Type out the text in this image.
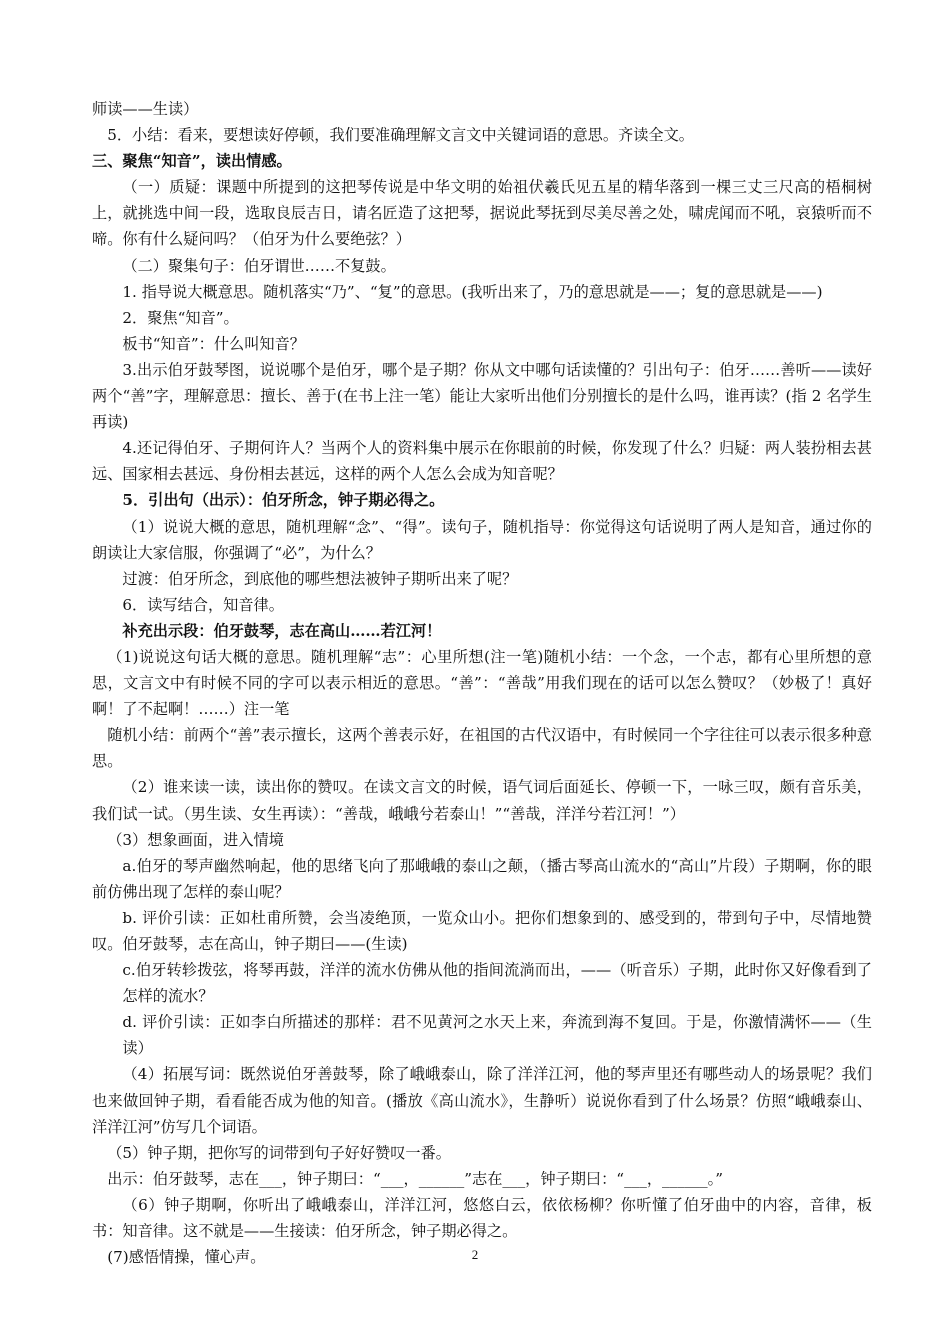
师读——生读）
5．小结：看来，要想读好停顿，我们要准确理解文言文中关键词语的意思。齐读全文。
三、聚焦“知音”，读出情感。
（一）质疑：课题中所提到的这把琴传说是中华文明的始祖伏羲氏见五星的精华落到一棵三丈三尺高的梧桐树上，就挑选中间一段，选取良辰吉日，请名匠造了这把琴，据说此琴抚到尽美尽善之处，啸虎闻而不吼，哀猿听而不啼。你有什么疑问吗？（伯牙为什么要绝弦？）
（二）聚集句子：伯牙谓世……不复鼓。
1. 指导说大概意思。随机落实“乃”、“复”的意思。(我听出来了，乃的意思就是——；复的意思就是——)
2．聚焦“知音”。
板书“知音”：什么叫知音？
3.出示伯牙鼓琴图，说说哪个是伯牙，哪个是子期？你从文中哪句话读懂的？引出句子：伯牙……善听——读好两个“善”字，理解意思：擅长、善于(在书上注一笔）能让大家听出他们分别擅长的是什么吗，谁再读？(指 2 名学生再读)
4.还记得伯牙、子期何许人？当两个人的资料集中展示在你眼前的时候，你发现了什么？归疑：两人装扮相去甚远、国家相去甚远、身份相去甚远，这样的两个人怎么会成为知音呢？
5．引出句（出示）：伯牙所念，钟子期必得之。
（1）说说大概的意思，随机理解“念”、“得”。读句子，随机指导：你觉得这句话说明了两人是知音，通过你的朗读让大家信服，你强调了“必”，为什么？
过渡：伯牙所念，到底他的哪些想法被钟子期听出来了呢？
6．读写结合，知音律。
补充出示段：伯牙鼓琴，志在高山……若江河！
（1)说说这句话大概的意思。随机理解“志”：心里所想(注一笔)随机小结：一个念，一个志，都有心里所想的意思，文言文中有时候不同的字可以表示相近的意思。“善”：“善哉”用我们现在的话可以怎么赞叹？（妙极了！真好啊！了不起啊！……）注一笔
随机小结：前两个“善”表示擅长，这两个善表示好，在祖国的古代汉语中，有时候同一个字往往可以表示很多种意思。
（2）谁来读一读，读出你的赞叹。在读文言文的时候，语气词后面延长、停顿一下，一咏三叹，颇有音乐美，我们试一试。（男生读、女生再读）：“善哉，峨峨兮若泰山！”“善哉，洋洋兮若江河！”）
（3）想象画面，进入情境
a.伯牙的琴声幽然响起，他的思绪飞向了那峨峨的泰山之颠，（播古琴高山流水的“高山”片段）子期啊，你的眼前仿佛出现了怎样的泰山呢？
b. 评价引读：正如杜甫所赞，会当凌绝顶，一览众山小。把你们想象到的、感受到的，带到句子中，尽情地赞叹。伯牙鼓琴，志在高山，钟子期曰——(生读)
c.伯牙转轸拨弦，将琴再鼓，洋洋的流水仿佛从他的指间流淌而出，——（听音乐）子期，此时你又好像看到了怎样的流水？
d. 评价引读：正如李白所描述的那样：君不见黄河之水天上来，奔流到海不复回。于是，你激情满怀——（生读）
（4）拓展写词：既然说伯牙善鼓琴，除了峨峨泰山，除了洋洋江河，他的琴声里还有哪些动人的场景呢？我们也来做回钟子期，看看能否成为他的知音。(播放《高山流水》，生静听）说说你看到了什么场景？仿照“峨峨泰山、洋洋江河”仿写几个词语。
（5）钟子期，把你写的词带到句子好好赞叹一番。
出示：伯牙鼓琴，志在___，钟子期曰：“___，______”志在___，钟子期曰：“___，______。”
（6）钟子期啊，你听出了峨峨泰山，洋洋江河，悠悠白云，依依杨柳？你听懂了伯牙曲中的内容，音律，板书：知音律。这不就是——生接读：伯牙所念，钟子期必得之。
(7)感悟情操，懂心声。	2
